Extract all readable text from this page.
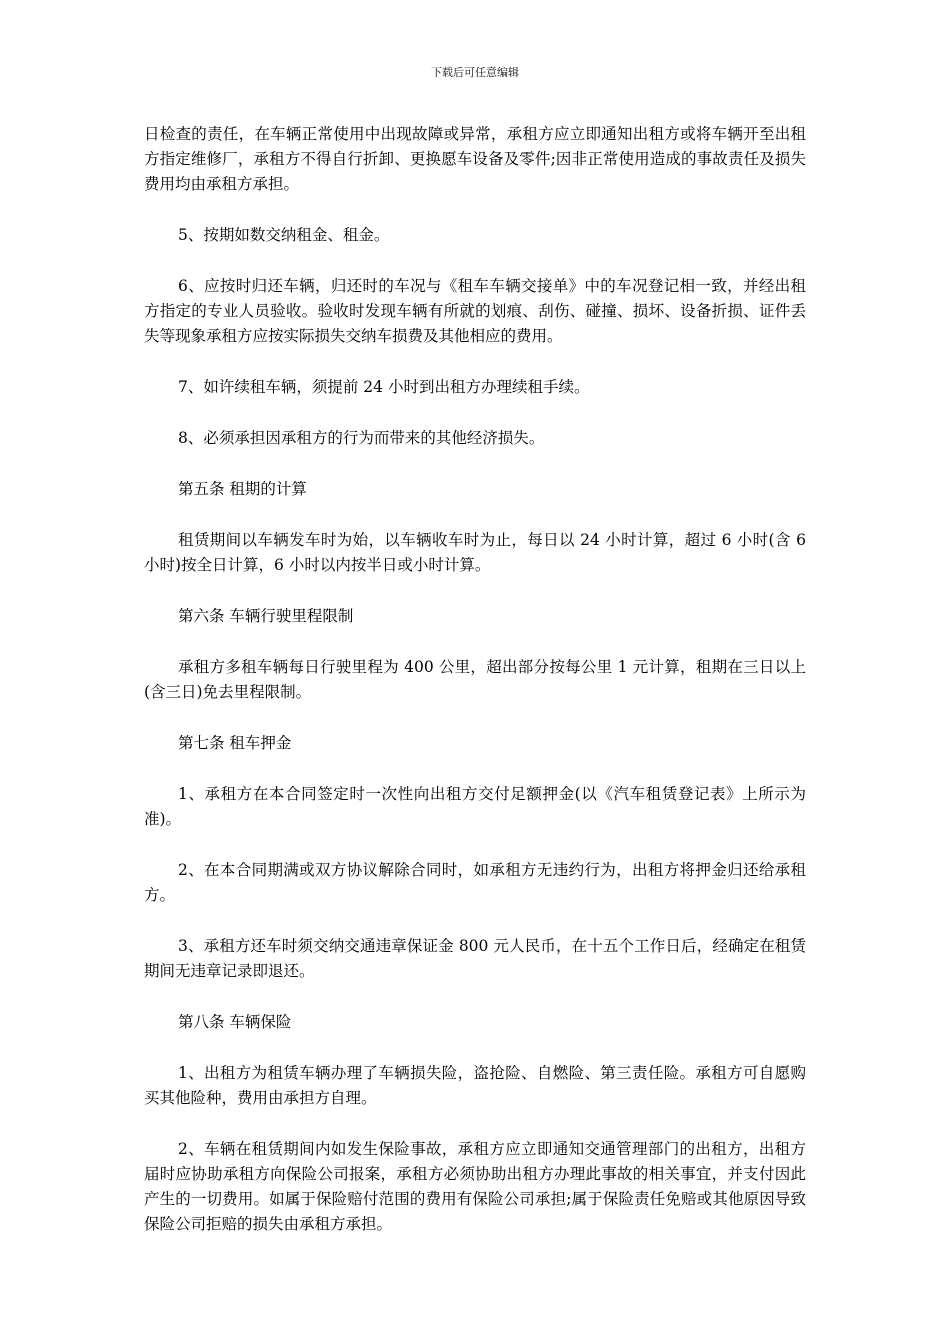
下载后可任意编辑

日检查的责任，在车辆正常使用中出现故障或异常，承租方应立即通知出租方或将车辆开至出租方指定维修厂，承租方不得自行折卸、更换愿车设备及零件;因非正常使用造成的事故责任及损失费用均由承租方承担。

5、按期如数交纳租金、租金。

6、应按时归还车辆，归还时的车况与《租车车辆交接单》中的车况登记相一致，并经出租方指定的专业人员验收。验收时发现车辆有所就的划痕、刮伤、碰撞、损坏、设备折损、证件丢失等现象承租方应按实际损失交纳车损费及其他相应的费用。

7、如许续租车辆，须提前 24 小时到出租方办理续租手续。

8、必须承担因承租方的行为而带来的其他经济损失。

第五条 租期的计算

租赁期间以车辆发车时为始，以车辆收车时为止，每日以 24 小时计算，超过 6 小时(含 6 小时)按全日计算，6 小时以内按半日或小时计算。

第六条 车辆行驶里程限制

承租方多租车辆每日行驶里程为 400 公里，超出部分按每公里 1 元计算，租期在三日以上(含三日)免去里程限制。

第七条 租车押金

1、承租方在本合同签定时一次性向出租方交付足额押金(以《汽车租赁登记表》上所示为准)。

2、在本合同期满或双方协议解除合同时，如承租方无违约行为，出租方将押金归还给承租方。

3、承租方还车时须交纳交通违章保证金 800 元人民币，在十五个工作日后，经确定在租赁期间无违章记录即退还。

第八条 车辆保险

1、出租方为租赁车辆办理了车辆损失险，盗抢险、自燃险、第三责任险。承租方可自愿购买其他险种，费用由承担方自理。

2、车辆在租赁期间内如发生保险事故，承租方应立即通知交通管理部门的出租方，出租方届时应协助承租方向保险公司报案，承租方必须协助出租方办理此事故的相关事宜，并支付因此产生的一切费用。如属于保险赔付范围的费用有保险公司承担;属于保险责任免赔或其他原因导致保险公司拒赔的损失由承租方承担。
